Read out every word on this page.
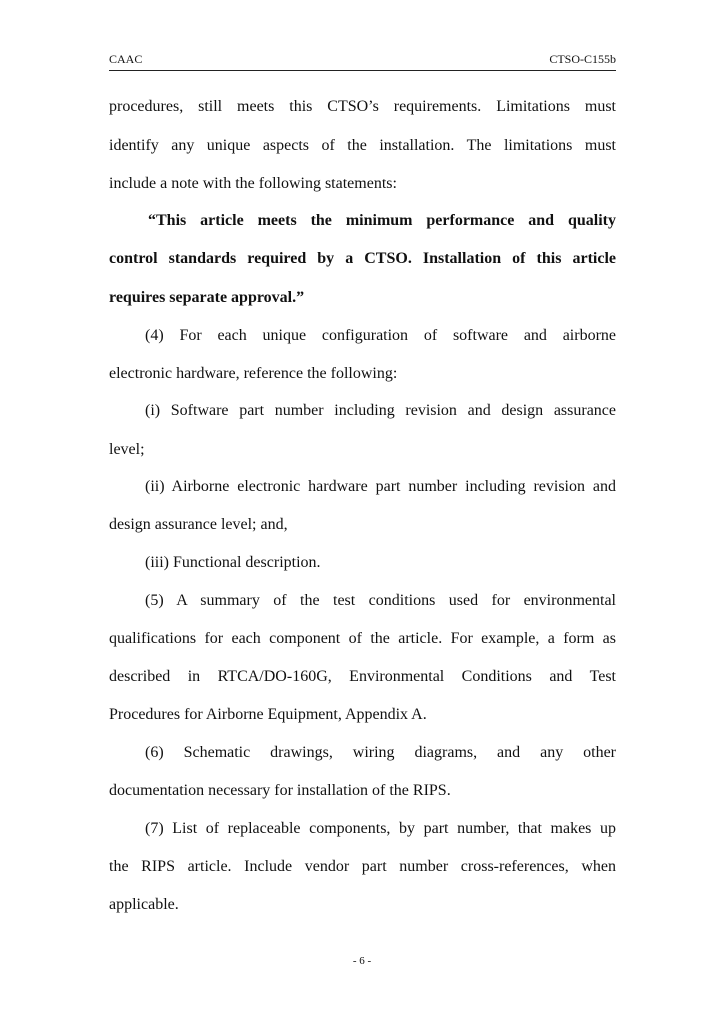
CAAC	CTSO-C155b
procedures, still meets this CTSO’s requirements. Limitations must
identify any unique aspects of the installation. The limitations must
include a note with the following statements:
“This article meets the minimum performance and quality
control standards required by a CTSO. Installation of this article
requires separate approval.”
(4) For each unique configuration of software and airborne
electronic hardware, reference the following:
(i) Software part number including revision and design assurance
level;
(ii) Airborne electronic hardware part number including revision and
design assurance level; and,
(iii) Functional description.
(5) A summary of the test conditions used for environmental
qualifications for each component of the article. For example, a form as
described in RTCA/DO-160G, Environmental Conditions and Test
Procedures for Airborne Equipment, Appendix A.
(6) Schematic drawings, wiring diagrams, and any other
documentation necessary for installation of the RIPS.
(7) List of replaceable components, by part number, that makes up
the RIPS article. Include vendor part number cross-references, when
applicable.
- 6 -
